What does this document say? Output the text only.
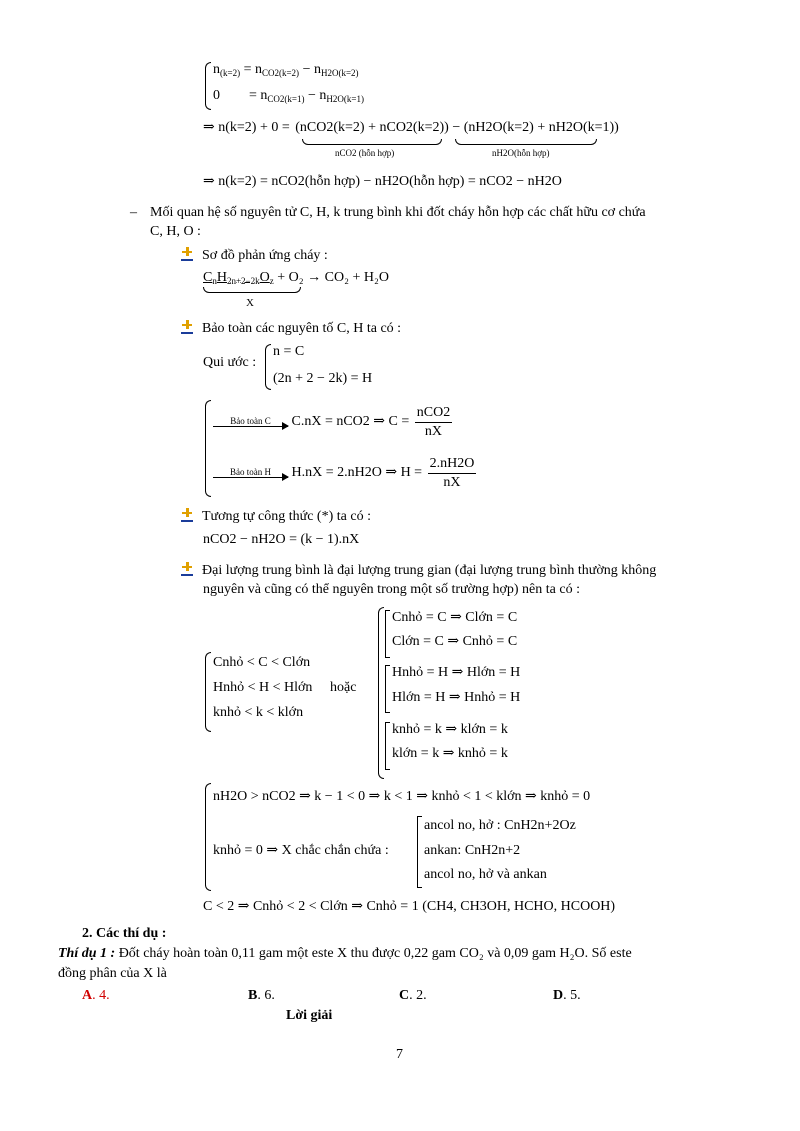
$n_{(k=2)} = n_{CO2(k=2)} - n_{H2O(k=2)}$
$0 = n_{CO2(k=1)} - n_{H2O(k=1)}$
⇒ n(k=2) + 0 = (nCO2(k=2) + nCO2(k=2)) − (nH2O(k=2) + nH2O(k=1))
nCO2 (hỗn hợp)	nH2O(hỗn hợp)
⇒ n(k=2) = nCO2(hỗn hợp) − nH2O(hỗn hợp) = nCO2 − nH2O
– Mối quan hệ số nguyên tử C, H, k trung bình khi đốt cháy hỗn hợp các chất hữu cơ chứa
C, H, O :
Sơ đồ phản ứng cháy :
$C_nH_{2n+2-2k}O_z + O_2 \to CO_2 + H_2O$
X
Bảo toàn các nguyên tố C, H ta có :
Qui ước :
n = C
(2n + 2 − 2k) = H
Bảo toàn C	C.nX = nCO2 ⇒ $C = \frac{\text{nCO2}}{nX}$
Bảo toàn H	H.nX = 2.nH2O ⇒ $H = \frac{2.nH2O}{nX}$
Tương tự công thức (*) ta có :
nCO2 − nH2O = (k − 1).nX
Đại lượng trung bình là đại lượng trung gian (đại lượng trung bình thường không
nguyên và cũng có thể nguyên trong một số trường hợp) nên ta có :
Cnhỏ < C < Clớn
Hnhỏ < H < Hlớn
knhỏ < k < klớn
hoặc
Cnhỏ = C ⇒ Clớn = C
Clớn = C ⇒ Cnhỏ = C
Hnhỏ = H ⇒ Hlớn = H
Hlớn = H ⇒ Hnhỏ = H
knhỏ = k ⇒ klớn = k
klớn = k ⇒ knhỏ = k
nH2O > nCO2 ⇒ k − 1 < 0 ⇒ k < 1 ⇒ knhỏ < 1 < klớn ⇒ knhỏ = 0
knhỏ = 0 ⇒ X chắc chắn chứa :
ancol no, hở : CnH2n+2Oz
ankan: CnH2n+2
ancol no, hở và ankan
C < 2 ⇒ Cnhỏ < 2 < Clớn ⇒ Cnhỏ = 1 (CH4, CH3OH, HCHO, HCOOH)
2. Các thí dụ :
Thí dụ 1 : Đốt cháy hoàn toàn 0,11 gam một este X thu được 0,22 gam CO₂ và 0,09 gam H₂O. Số este
đồng phân của X là
A. 4.	B. 6.	C. 2.	D. 5.
Lời giải
7
